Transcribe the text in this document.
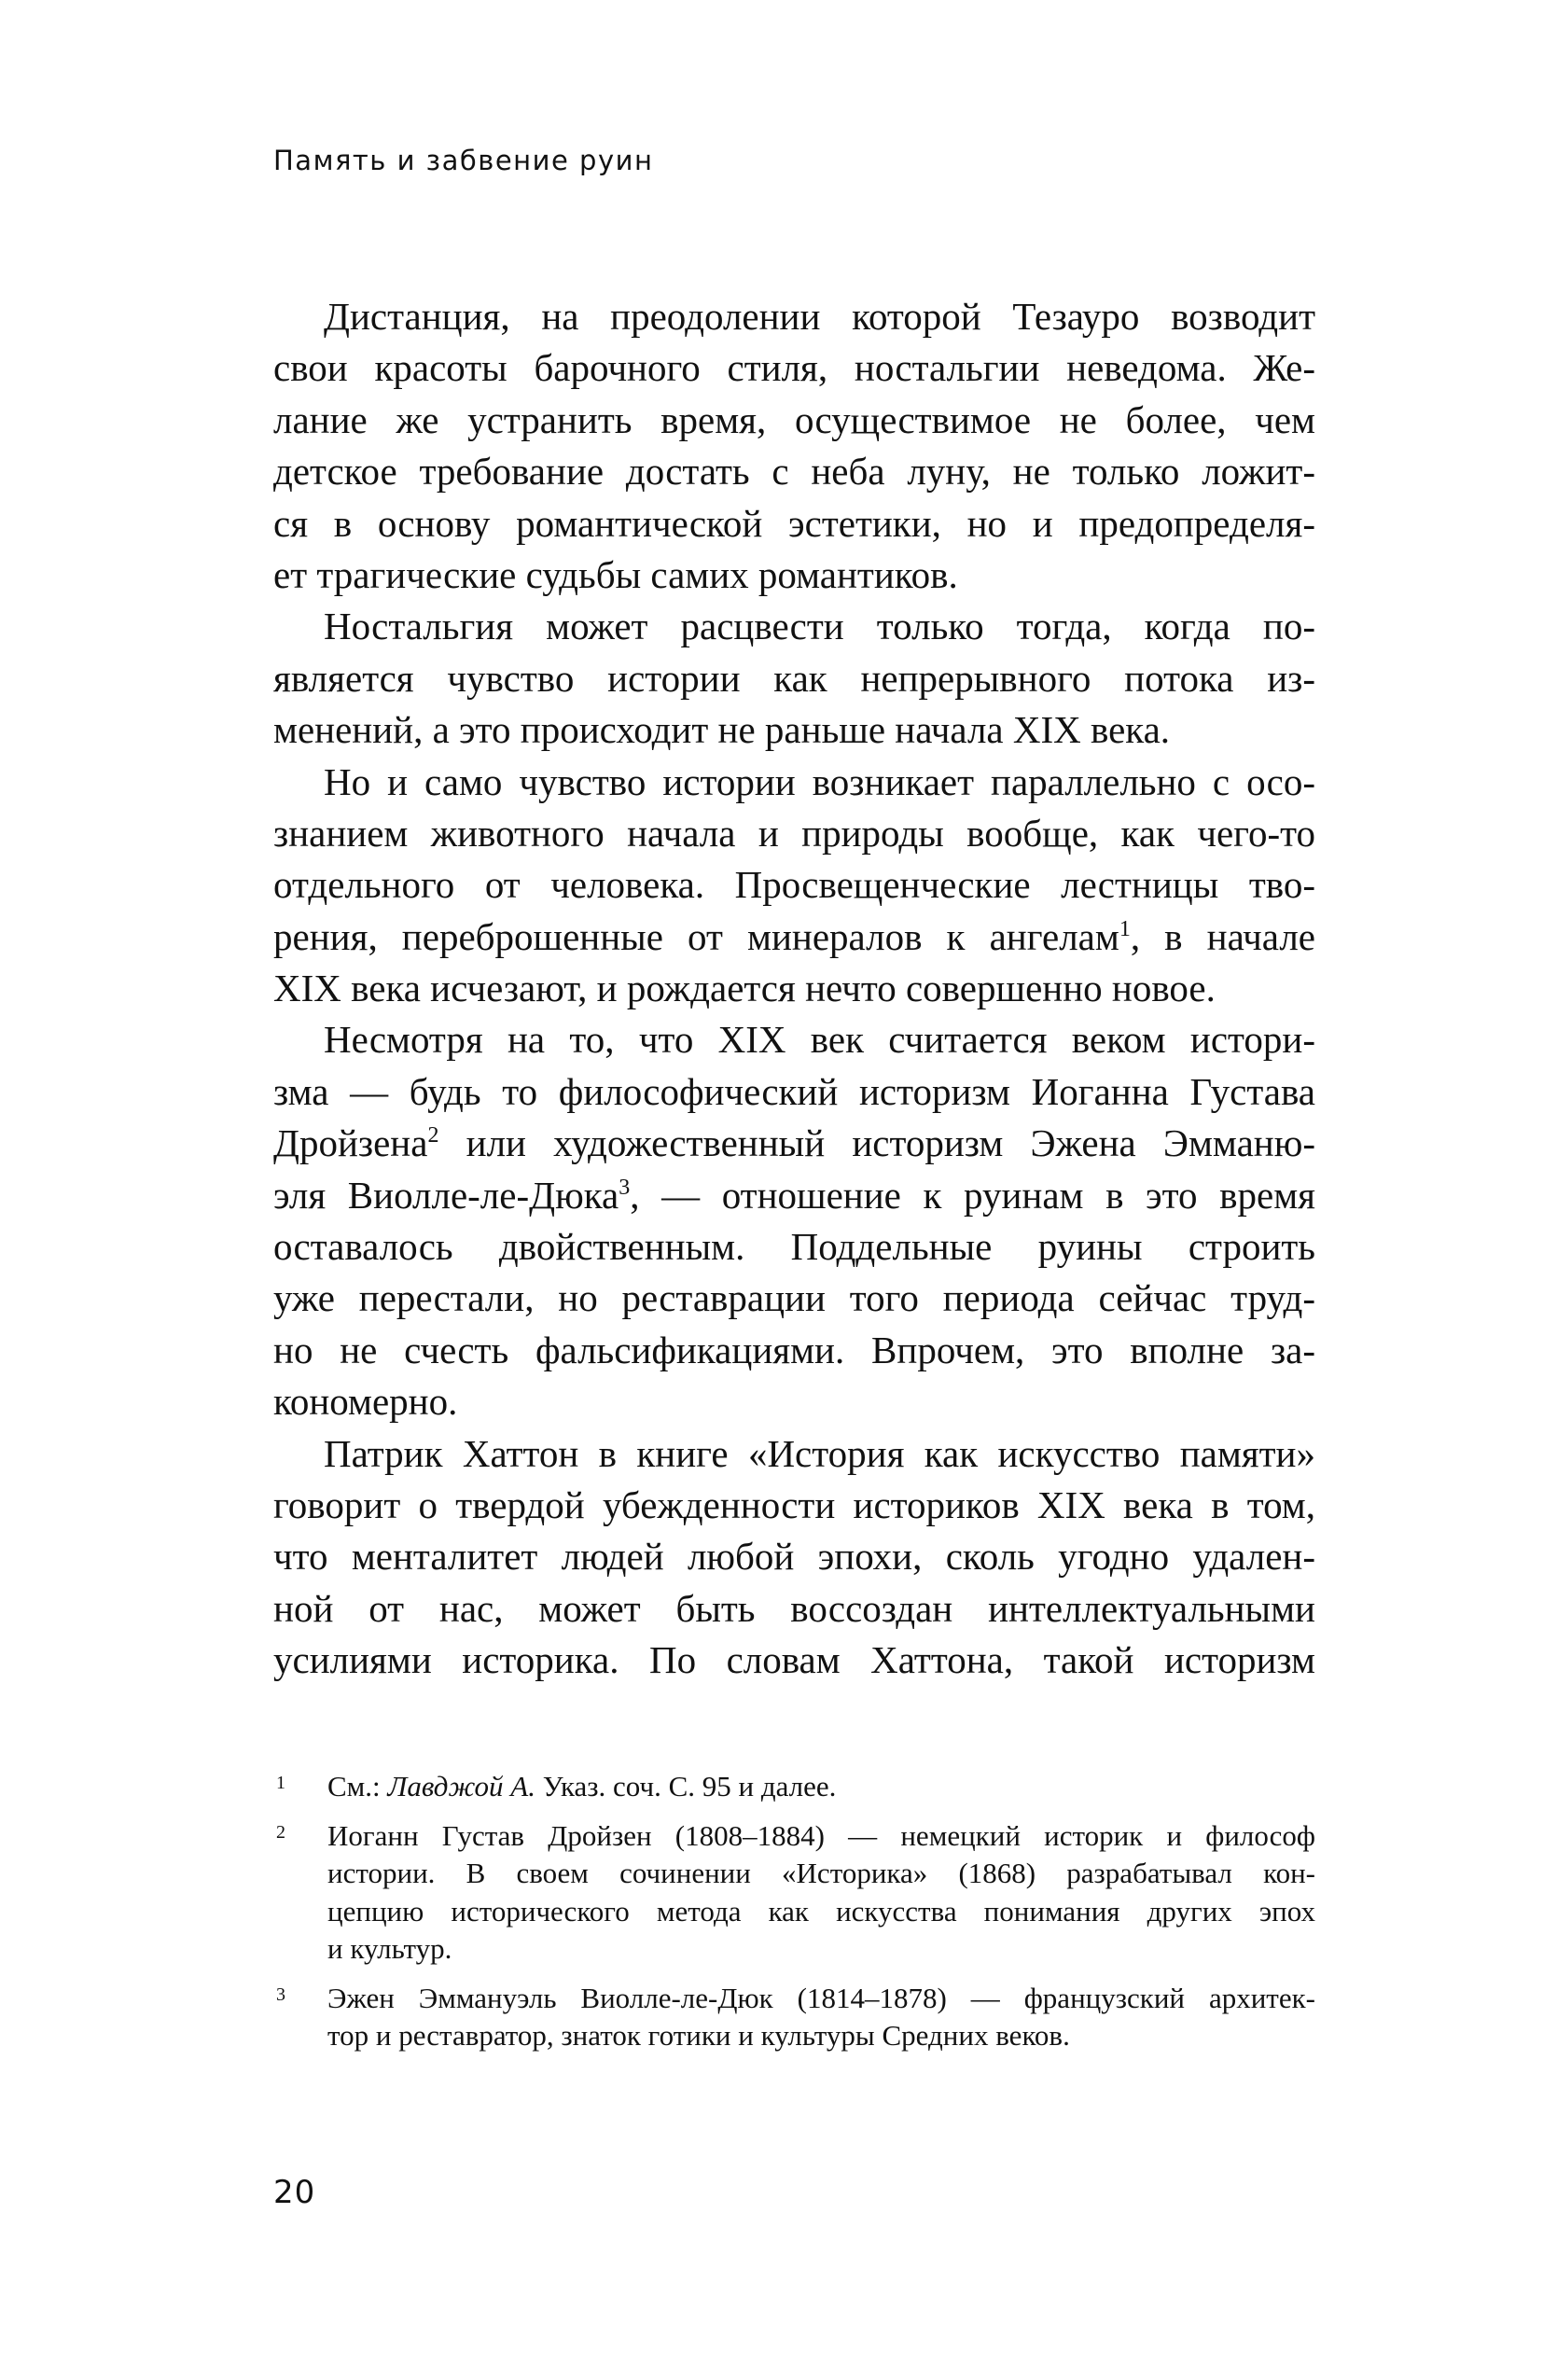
Память и забвение руин
Дистанция, на преодолении которой Тезауро возводит
свои красоты барочного стиля, ностальгии неведома. Же-
лание же устранить время, осуществимое не более, чем
детское требование достать с неба луну, не только ложит-
ся в основу романтической эстетики, но и предопределя-
ет трагические судьбы самих романтиков.
Ностальгия может расцвести только тогда, когда по-
является чувство истории как непрерывного потока из-
менений, а это происходит не раньше начала XIX века.
Но и само чувство истории возникает параллельно с осо-
знанием животного начала и природы вообще, как чего-то
отдельного от человека. Просвещенческие лестницы тво-
рения, переброшенные от минералов к ангелам$^1$, в начале
XIX века исчезают, и рождается нечто совершенно новое.
Несмотря на то, что XIX век считается веком истори-
зма — будь то философический историзм Иоганна Густава
Дройзена$^2$ или художественный историзм Эжена Эмманю-
эля Виолле-ле-Дюка$^3$, — отношение к руинам в это время
оставалось двойственным. Поддельные руины строить
уже перестали, но реставрации того периода сейчас труд-
но не счесть фальсификациями. Впрочем, это вполне за-
кономерно.
Патрик Хаттон в книге «История как искусство памяти»
говорит о твердой убежденности историков XIX века в том,
что менталитет людей любой эпохи, сколь угодно удален-
ной от нас, может быть воссоздан интеллектуальными
усилиями историка. По словам Хаттона, такой историзм
1 См.: Лавджой А. Указ. соч. С. 95 и далее.
2 Иоганн Густав Дройзен (1808–1884) — немецкий историк и философ
истории. В своем сочинении «Историка» (1868) разрабатывал кон-
цепцию исторического метода как искусства понимания других эпох
и культур.
3 Эжен Эммануэль Виолле-ле-Дюк (1814–1878) — французский архитек-
тор и реставратор, знаток готики и культуры Средних веков.
20
